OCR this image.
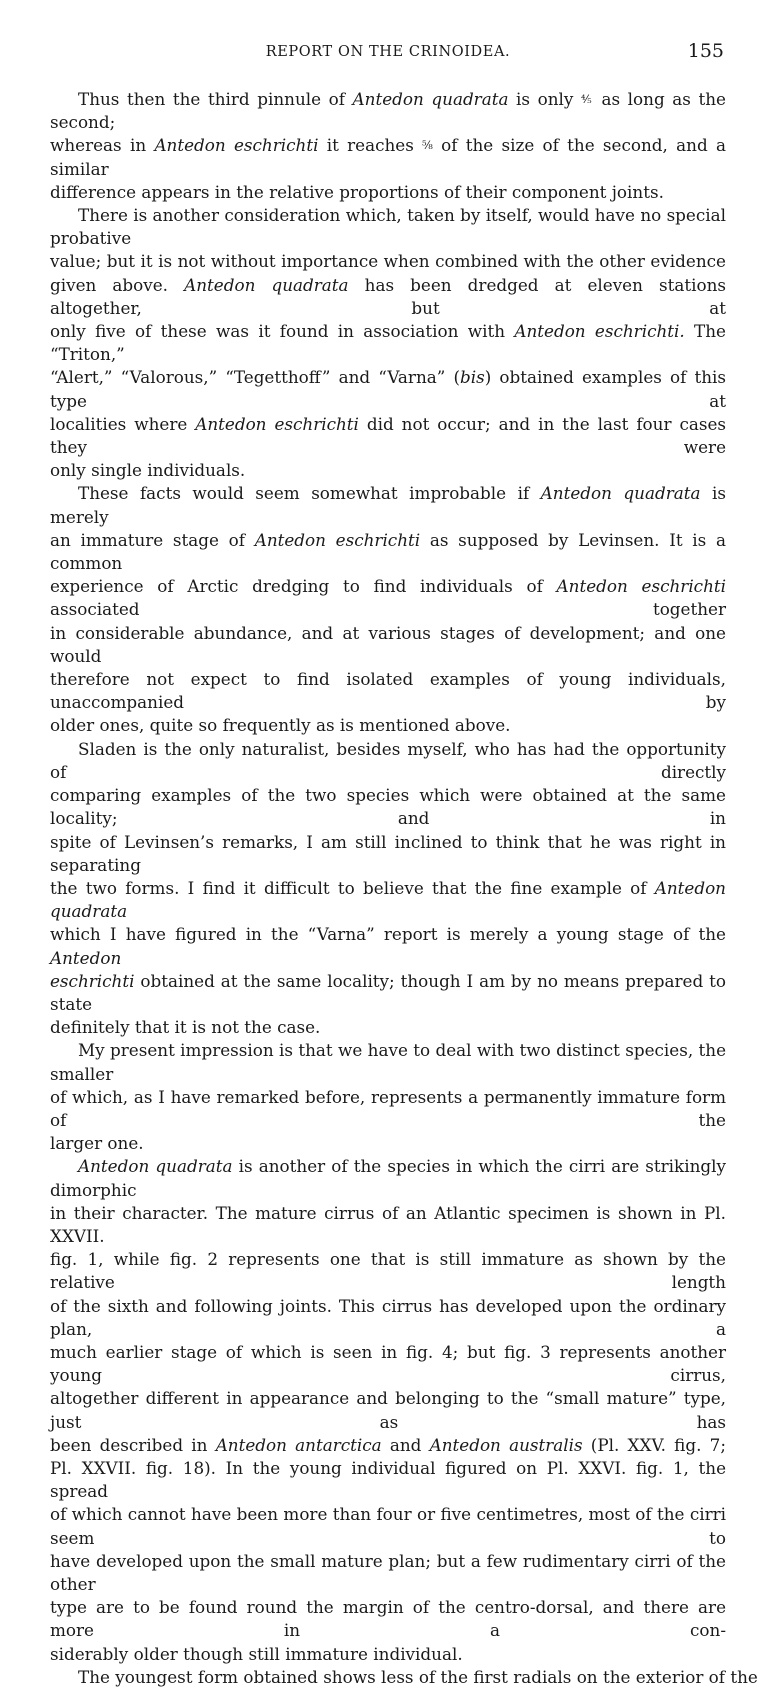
REPORT ON THE CRINOIDEA.	155
Thus then the third pinnule of Antedon quadrata is only ⅘ as long as the second;
whereas in Antedon eschrichti it reaches ⅝ of the size of the second, and a similar
difference appears in the relative proportions of their component joints.
There is another consideration which, taken by itself, would have no special probative
value; but it is not without importance when combined with the other evidence
given above. Antedon quadrata has been dredged at eleven stations altogether, but at
only five of these was it found in association with Antedon eschrichti. The “Triton,”
“Alert,” “Valorous,” “Tegetthoff” and “Varna” (bis) obtained examples of this type at
localities where Antedon eschrichti did not occur; and in the last four cases they were
only single individuals.
These facts would seem somewhat improbable if Antedon quadrata is merely
an immature stage of Antedon eschrichti as supposed by Levinsen. It is a common
experience of Arctic dredging to find individuals of Antedon eschrichti associated together
in considerable abundance, and at various stages of development; and one would
therefore not expect to find isolated examples of young individuals, unaccompanied by
older ones, quite so frequently as is mentioned above.
Sladen is the only naturalist, besides myself, who has had the opportunity of directly
comparing examples of the two species which were obtained at the same locality; and in
spite of Levinsen’s remarks, I am still inclined to think that he was right in separating
the two forms. I find it difficult to believe that the fine example of Antedon quadrata
which I have figured in the “Varna” report is merely a young stage of the Antedon
eschrichti obtained at the same locality; though I am by no means prepared to state
definitely that it is not the case.
My present impression is that we have to deal with two distinct species, the smaller
of which, as I have remarked before, represents a permanently immature form of the
larger one.
Antedon quadrata is another of the species in which the cirri are strikingly dimorphic
in their character. The mature cirrus of an Atlantic specimen is shown in Pl. XXVII.
fig. 1, while fig. 2 represents one that is still immature as shown by the relative length
of the sixth and following joints. This cirrus has developed upon the ordinary plan, a
much earlier stage of which is seen in fig. 4; but fig. 3 represents another young cirrus,
altogether different in appearance and belonging to the “small mature” type, just as has
been described in Antedon antarctica and Antedon australis (Pl. XXV. fig. 7;
Pl. XXVII. fig. 18). In the young individual figured on Pl. XXVI. fig. 1, the spread
of which cannot have been more than four or five centimetres, most of the cirri seem to
have developed upon the small mature plan; but a few rudimentary cirri of the other
type are to be found round the margin of the centro-dorsal, and there are more in a con-
siderably older though still immature individual.
The youngest form obtained shows less of the first radials on the exterior of the
